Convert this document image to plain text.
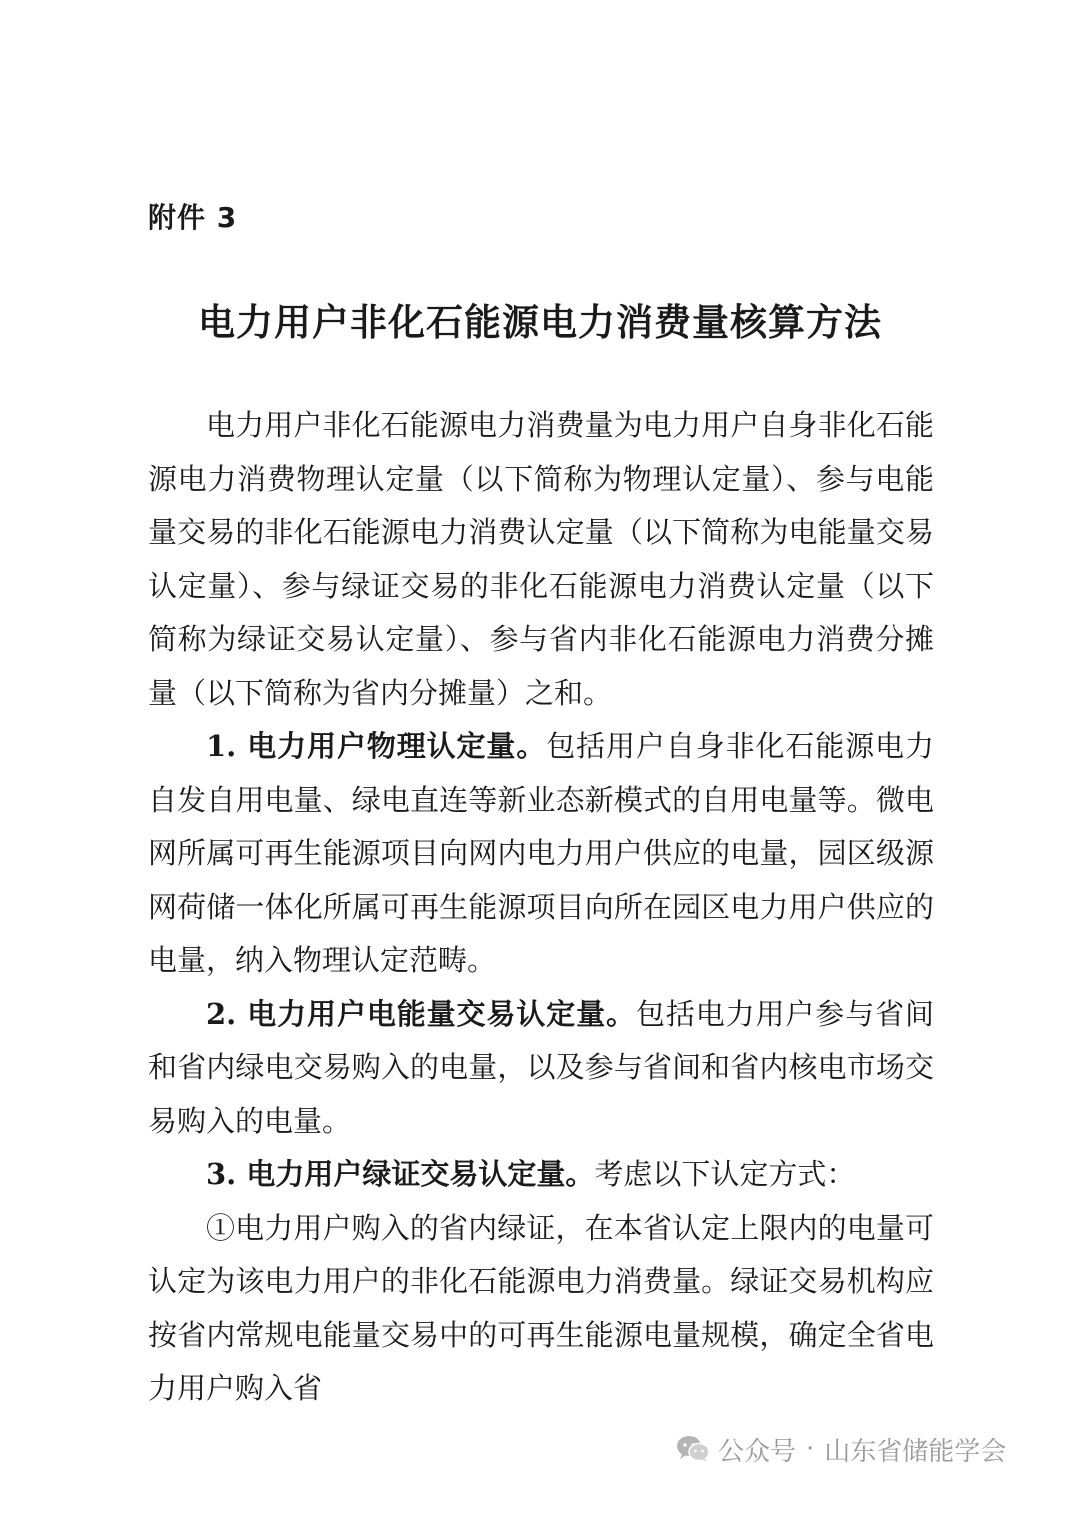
附件 3
电力用户非化石能源电力消费量核算方法

电力用户非化石能源电力消费量为电力用户自身非化石能源电力消费物理认定量（以下简称为物理认定量）、参与电能量交易的非化石能源电力消费认定量（以下简称为电能量交易认定量）、参与绿证交易的非化石能源电力消费认定量（以下简称为绿证交易认定量）、参与省内非化石能源电力消费分摊量（以下简称为省内分摊量）之和。

1. 电力用户物理认定量。包括用户自身非化石能源电力自发自用电量、绿电直连等新业态新模式的自用电量等。微电网所属可再生能源项目向网内电力用户供应的电量，园区级源网荷储一体化所属可再生能源项目向所在园区电力用户供应的电量，纳入物理认定范畴。

2. 电力用户电能量交易认定量。包括电力用户参与省间和省内绿电交易购入的电量，以及参与省间和省内核电市场交易购入的电量。

3. 电力用户绿证交易认定量。考虑以下认定方式：

①电力用户购入的省内绿证，在本省认定上限内的电量可认定为该电力用户的非化石能源电力消费量。绿证交易机构应按省内常规电能量交易中的可再生能源电量规模，确定全省电力用户购入省

公众号 · 山东省储能学会
